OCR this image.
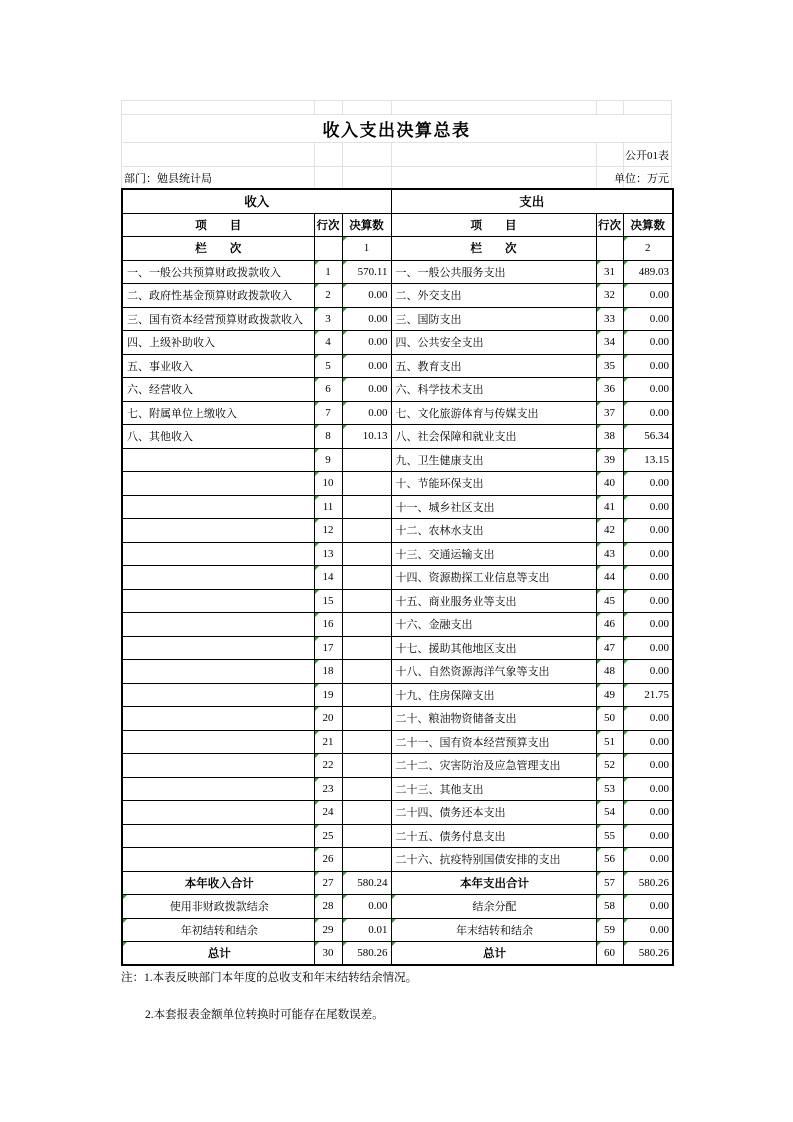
收入支出决算总表
公开01表
部门：勉县统计局	单位：万元
收入			支出		
项　　目	行次	决算数	项　　目	行次	决算数
栏　　次		1	栏　　次		2
一、一般公共预算财政拨款收入	1	570.11	一、一般公共服务支出	31	489.03
二、政府性基金预算财政拨款收入	2	0.00	二、外交支出	32	0.00
三、国有资本经营预算财政拨款收入	3	0.00	三、国防支出	33	0.00
四、上级补助收入	4	0.00	四、公共安全支出	34	0.00
五、事业收入	5	0.00	五、教育支出	35	0.00
六、经营收入	6	0.00	六、科学技术支出	36	0.00
七、附属单位上缴收入	7	0.00	七、文化旅游体育与传媒支出	37	0.00
八、其他收入	8	10.13	八、社会保障和就业支出	38	56.34
	9		九、卫生健康支出	39	13.15
	10		十、节能环保支出	40	0.00
	11		十一、城乡社区支出	41	0.00
	12		十二、农林水支出	42	0.00
	13		十三、交通运输支出	43	0.00
	14		十四、资源勘探工业信息等支出	44	0.00
	15		十五、商业服务业等支出	45	0.00
	16		十六、金融支出	46	0.00
	17		十七、援助其他地区支出	47	0.00
	18		十八、自然资源海洋气象等支出	48	0.00
	19		十九、住房保障支出	49	21.75
	20		二十、粮油物资储备支出	50	0.00
	21		二十一、国有资本经营预算支出	51	0.00
	22		二十二、灾害防治及应急管理支出	52	0.00
	23		二十三、其他支出	53	0.00
	24		二十四、债务还本支出	54	0.00
	25		二十五、债务付息支出	55	0.00
	26		二十六、抗疫特别国债安排的支出	56	0.00
本年收入合计	27	580.24	本年支出合计	57	580.26
使用非财政拨款结余	28	0.00	结余分配	58	0.00
年初结转和结余	29	0.01	年末结转和结余	59	0.00
总计	30	580.26	总计	60	580.26
注：1.本表反映部门本年度的总收支和年末结转结余情况。
2.本套报表金额单位转换时可能存在尾数误差。
